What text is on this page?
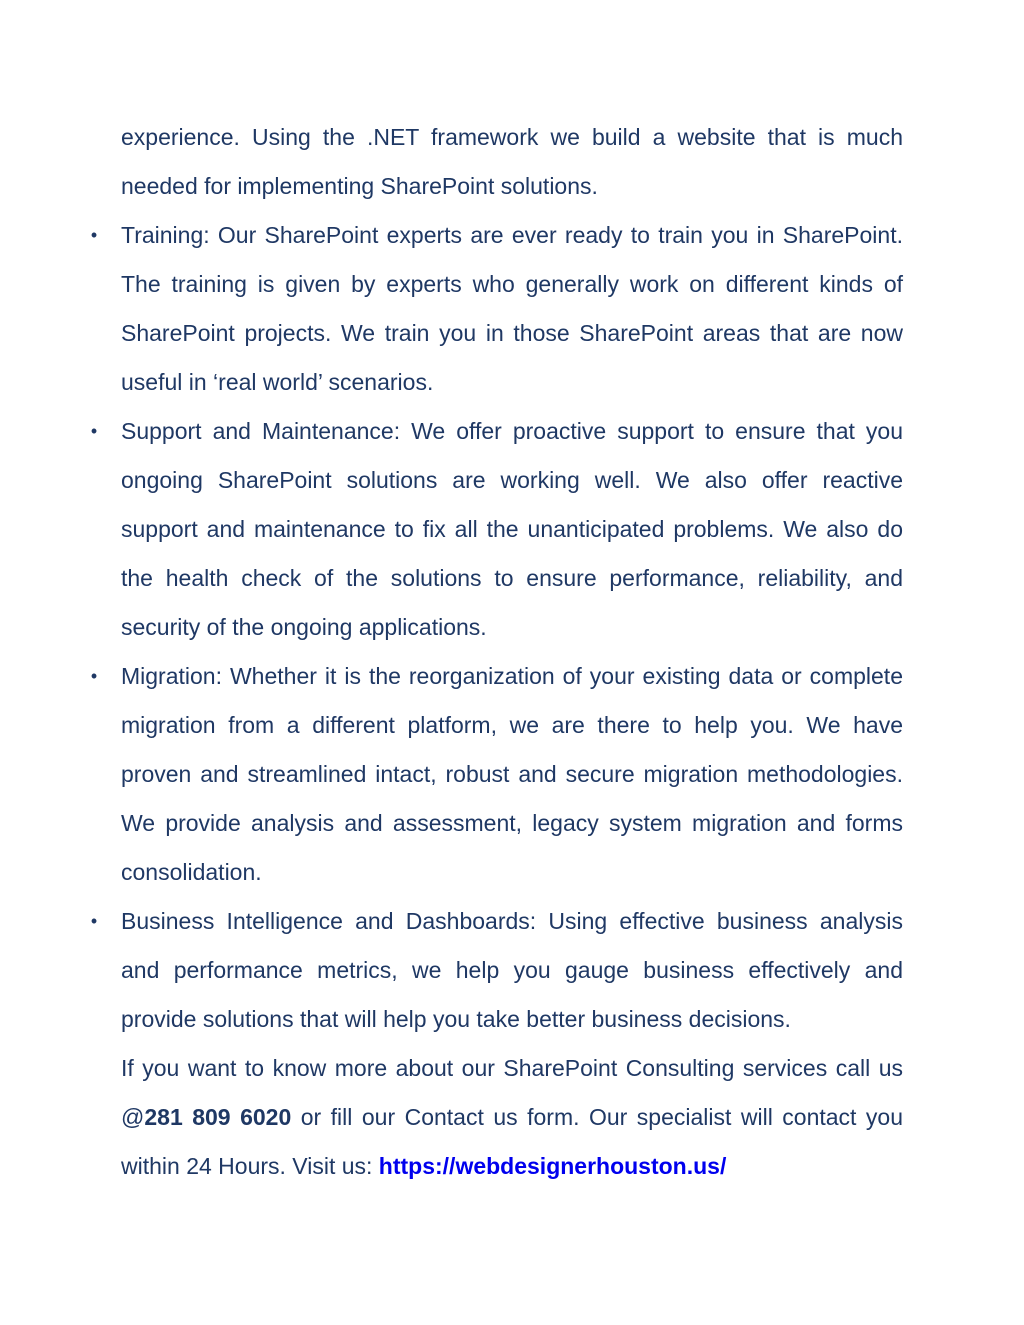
experience. Using the .NET framework we build a website that is much needed for implementing SharePoint solutions.

• Training: Our SharePoint experts are ever ready to train you in SharePoint. The training is given by experts who generally work on different kinds of SharePoint projects. We train you in those SharePoint areas that are now useful in ‘real world’ scenarios.
• Support and Maintenance: We offer proactive support to ensure that you ongoing SharePoint solutions are working well. We also offer reactive support and maintenance to fix all the unanticipated problems. We also do the health check of the solutions to ensure performance, reliability, and security of the ongoing applications.
• Migration: Whether it is the reorganization of your existing data or complete migration from a different platform, we are there to help you. We have proven and streamlined intact, robust and secure migration methodologies. We provide analysis and assessment, legacy system migration and forms consolidation.
• Business Intelligence and Dashboards: Using effective business analysis and performance metrics, we help you gauge business effectively and provide solutions that will help you take better business decisions.

If you want to know more about our SharePoint Consulting services call us @281 809 6020 or fill our Contact us form. Our specialist will contact you within 24 Hours. Visit us: https://webdesignerhouston.us/
